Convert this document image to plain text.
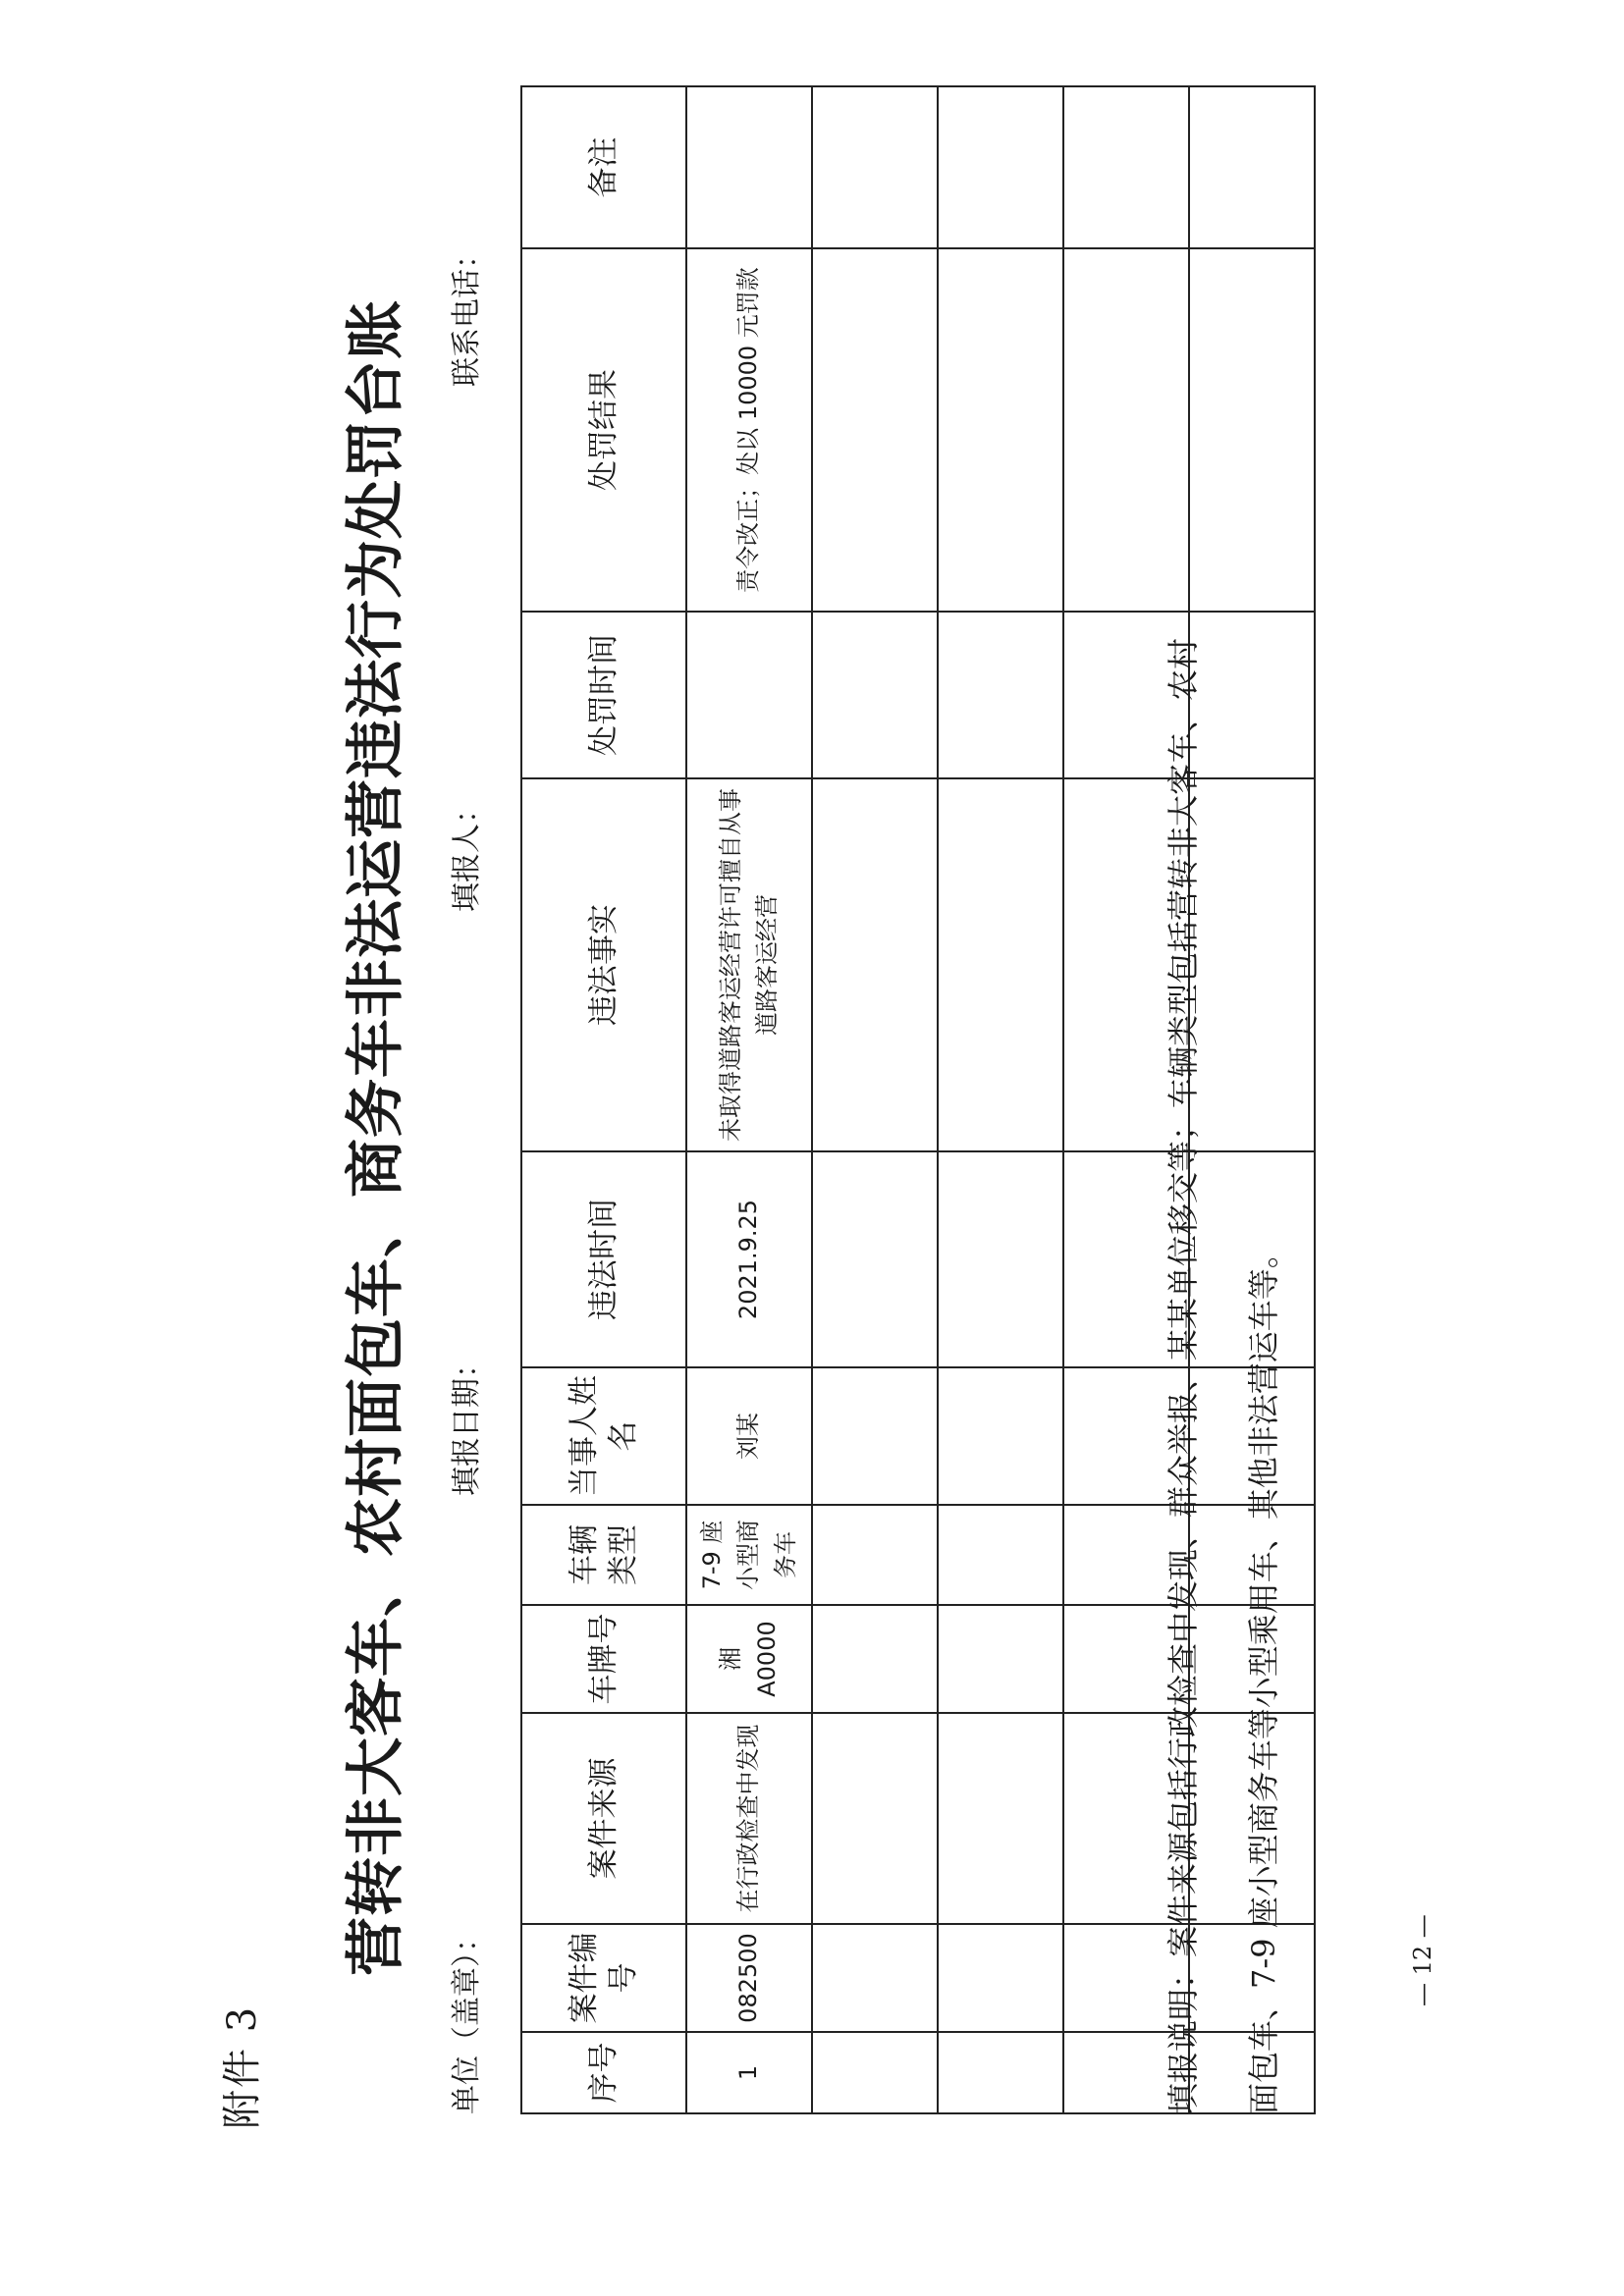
附件 3
营转非大客车、农村面包车、商务车非法运营违法行为处罚台账
单位（盖章）：
填报日期：
填报人：
联系电话：
序号	案件编号	案件来源	车牌号	车辆类型	当事人姓名	违法时间	违法事实	处罚时间	处罚结果	备注
1	082500	在行政检查中发现	湘 A0000	7-9 座小型商务车	刘某	2021.9.25	未取得道路客运经营许可擅自从事道路客运经营		责令改正；处以 10000 元罚款	

填报说明：案件来源包括行政检查中发现、群众举报、某某单位移交等；车辆类型包括营转非大客车、农村 面包车、7-9 座小型商务车等小型乘用车、其他非法营运车等。	— 12 —
